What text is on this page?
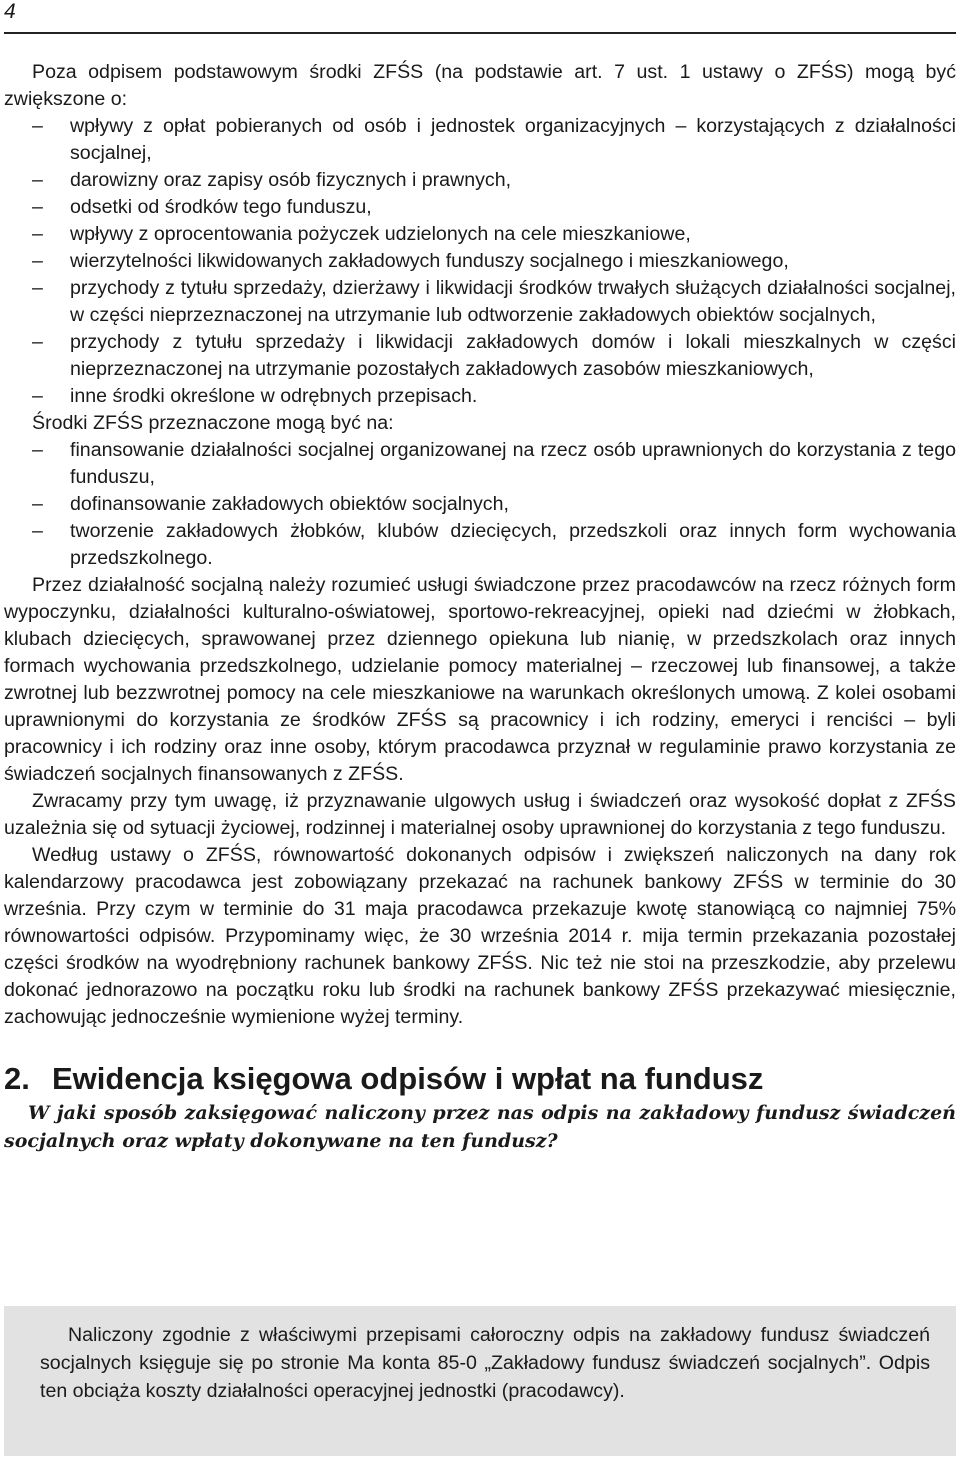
4

Poza odpisem podstawowym środki ZFŚS (na podstawie art. 7 ust. 1 ustawy o ZFŚS) mogą być zwiększone o:

– wpływy z opłat pobieranych od osób i jednostek organizacyjnych – korzystających z działalności socjalnej,
– darowizny oraz zapisy osób fizycznych i prawnych,
– odsetki od środków tego funduszu,
– wpływy z oprocentowania pożyczek udzielonych na cele mieszkaniowe,
– wierzytelności likwidowanych zakładowych funduszy socjalnego i mieszkaniowego,
– przychody z tytułu sprzedaży, dzierżawy i likwidacji środków trwałych służących działalności socjalnej, w części nieprzeznaczonej na utrzymanie lub odtworzenie zakładowych obiektów socjalnych,
– przychody z tytułu sprzedaży i likwidacji zakładowych domów i lokali mieszkalnych w części nieprzeznaczonej na utrzymanie pozostałych zakładowych zasobów mieszkaniowych,
– inne środki określone w odrębnych przepisach.

Środki ZFŚS przeznaczone mogą być na:

– finansowanie działalności socjalnej organizowanej na rzecz osób uprawnionych do korzystania z tego funduszu,
– dofinansowanie zakładowych obiektów socjalnych,
– tworzenie zakładowych żłobków, klubów dziecięcych, przedszkoli oraz innych form wychowania przedszkolnego.

Przez działalność socjalną należy rozumieć usługi świadczone przez pracodawców na rzecz różnych form wypoczynku, działalności kulturalno-oświatowej, sportowo-rekreacyjnej, opieki nad dziećmi w żłobkach, klubach dziecięcych, sprawowanej przez dziennego opiekuna lub nianię, w przedszkolach oraz innych formach wychowania przedszkolnego, udzielanie pomocy materialnej – rzeczowej lub finansowej, a także zwrotnej lub bezzwrotnej pomocy na cele mieszkaniowe na warunkach określonych umową. Z kolei osobami uprawnionymi do korzystania ze środków ZFŚS są pracownicy i ich rodziny, emeryci i renciści – byli pracownicy i ich rodziny oraz inne osoby, którym pracodawca przyznał w regulaminie prawo korzystania ze świadczeń socjalnych finansowanych z ZFŚS.

Zwracamy przy tym uwagę, iż przyznawanie ulgowych usług i świadczeń oraz wysokość dopłat z ZFŚS uzależnia się od sytuacji życiowej, rodzinnej i materialnej osoby uprawnionej do korzystania z tego funduszu.

Według ustawy o ZFŚS, równowartość dokonanych odpisów i zwiększeń naliczonych na dany rok kalendarzowy pracodawca jest zobowiązany przekazać na rachunek bankowy ZFŚS w terminie do 30 września. Przy czym w terminie do 31 maja pracodawca przekazuje kwotę stanowiącą co najmniej 75% równowartości odpisów. Przypominamy więc, że 30 września 2014 r. mija termin przekazania pozostałej części środków na wyodrębniony rachunek bankowy ZFŚS. Nic też nie stoi na przeszkodzie, aby przelewu dokonać jednorazowo na początku roku lub środki na rachunek bankowy ZFŚS przekazywać miesięcznie, zachowując jednocześnie wymienione wyżej terminy.

2. Ewidencja księgowa odpisów i wpłat na fundusz

W jaki sposób zaksięgować naliczony przez nas odpis na zakładowy fundusz świadczeń socjalnych oraz wpłaty dokonywane na ten fundusz?

Naliczony zgodnie z właściwymi przepisami całoroczny odpis na zakładowy fundusz świadczeń socjalnych księguje się po stronie Ma konta 85-0 „Zakładowy fundusz świadczeń socjalnych”. Odpis ten obciąża koszty działalności operacyjnej jednostki (pracodawcy).
